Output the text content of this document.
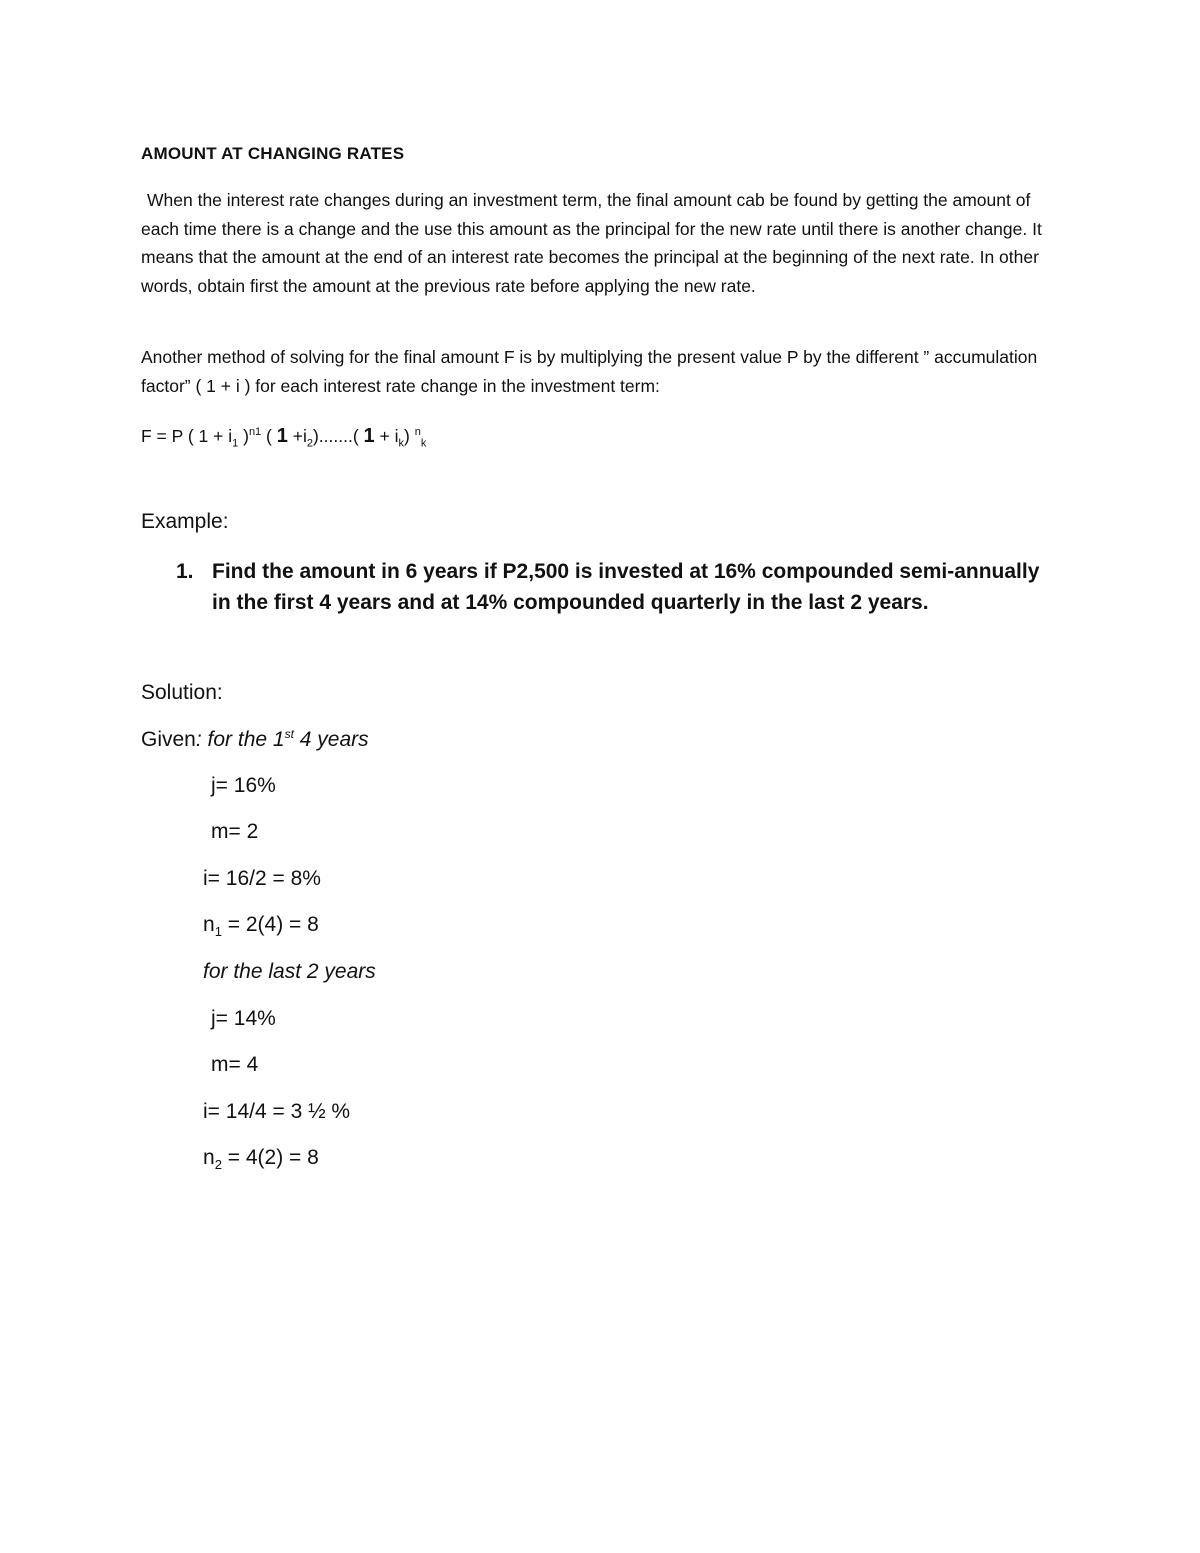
AMOUNT AT CHANGING RATES
When the interest rate changes during an investment term, the final amount cab be found by getting the amount of each time there is a change and the use this amount as the principal for the new rate until there is another change. It means that the amount at the end of an interest rate becomes the principal at the beginning of the next rate. In other words, obtain first the amount at the previous rate before applying the new rate.
Another method of solving for the final amount F is by multiplying the present value P by the different ” accumulation factor” ( 1 + i ) for each interest rate change in the investment term:
F = P ( $1 + i_1$ )$^{n1}$ ( $1 +i_2$).......( $1 + i_k$) $^n_k$
Example:
1. Find the amount in 6 years if P2,500 is invested at 16% compounded semi-annually in the first 4 years and at 14% compounded quarterly in the last 2 years.
Solution:
Given: for the 1st 4 years
j= 16%
m= 2
i= 16/2 = 8%
$n_1 = 2(4) = 8$
for the last 2 years
j= 14%
m= 4
i= 14/4 = 3 ½ %
$n_2 = 4(2) = 8$
